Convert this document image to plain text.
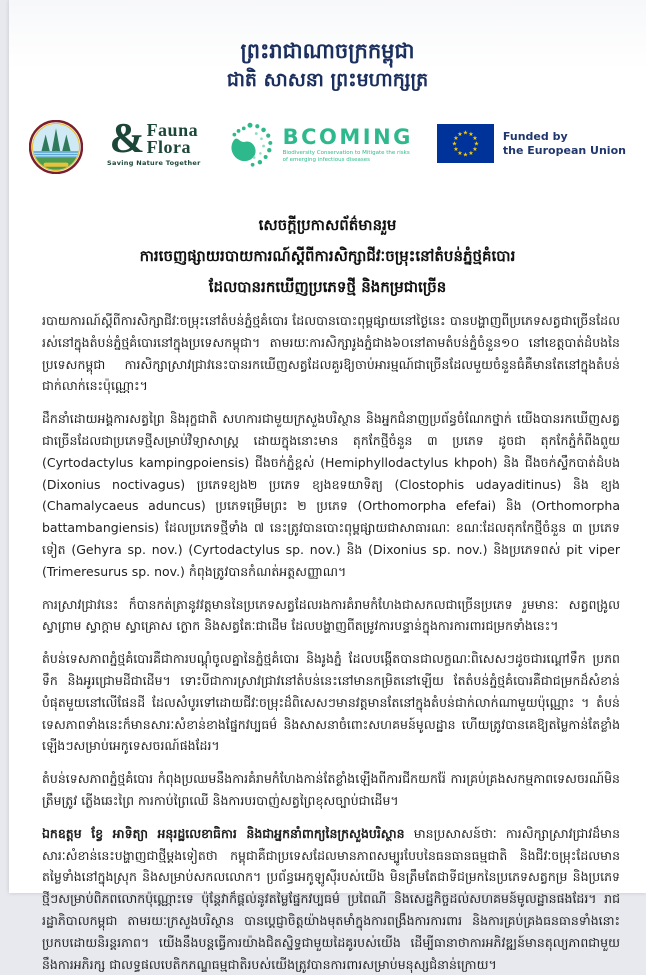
ព្រះរាជាណាចក្រកម្ពុជា
ជាតិ សាសនា ព្រះមហាក្សត្រ
& Fauna
Flora
Saving Nature Together
BCOMING
Biodiversity Conservation to Mitigate the risks
of emerging infectious diseases
★ ★
★
★
★
★
★
★
★
★
★
★	Funded by
the European Union
សេចក្ដីប្រកាសព័ត៌មានរួម
ការចេញផ្សាយរបាយការណ៍ស្ដីពីការសិក្សាជីវៈចម្រុះនៅតំបន់ភ្នំថ្មគំបោរ
ដែលបានរកឃើញប្រភេទថ្មី និងកម្រជាច្រើន

របាយការណ៍ស្ដីពីការសិក្សាជីវៈចម្រុះនៅតំបន់ភ្នំថ្មគំបោរ ដែលបានបោះពុម្ពផ្សាយនៅថ្ងៃនេះ បានបង្ហាញពីប្រភេទសត្វជាច្រើនដែលរស់នៅក្នុងតំបន់ភ្នំថ្មគំបោរនៅក្នុងប្រទេសកម្ពុជា។ តាមរយៈការសិក្សារូងភ្នំជាង៦០នៅតាមតំបន់ភ្នំចំនួន១០ នៅខេត្តបាត់ដំបងនៃប្រទេសកម្ពុជា ការសិក្សាស្រាវជ្រាវនេះបានរកឃើញសត្វដែលគួរឱ្យចាប់អារម្មណ៍ជាច្រើនដែលមួយចំនួនធំគឺមានតែនៅក្នុងតំបន់ជាក់លាក់នេះប៉ុណ្ណោះ។

ដឹកនាំដោយអង្គការសត្វព្រៃ និងរុក្ខជាតិ សហការជាមួយក្រសួងបរិស្ថាន និងអ្នកជំនាញប្រព័ន្ធចំណែកថ្នាក់ យើងបានរកឃើញសត្វជាច្រើនដែលជាប្រភេទថ្មីសម្រាប់វិទ្យាសាស្ត្រ ដោយក្នុងនោះមាន តុកកែថ្មីចំនួន ៣ ប្រភេទ ដូចជា តុកកែភ្នំកំពីងពួយ (Cyrtodactylus kampingpoiensis) ជីងចក់ភ្នំខ្ពស់ (Hemiphyllodactylus khpoh) និង ជីងចក់ស្ទឹកបាត់ដំបង (Dixonius noctivagus) ប្រភេទខ្យង២ ប្រភេទ ខ្យងឧទយាទិត្យ (Clostophis udayaditinus) និង ខ្យង (Chamalycaeus aduncus) ប្រភេទម្រើមព្រះ ២ ប្រភេទ (Orthomorpha efefai) និង (Orthomorpha battambangiensis) ដែលប្រភេទថ្មីទាំង ៧ នេះត្រូវបានបោះពុម្ពផ្សាយជាសាធារណៈ ខណៈដែលតុកកែថ្មីចំនួន ៣ ប្រភេទទៀត (Gehyra sp. nov.) (Cyrtodactylus sp. nov.) និង (Dixonius sp. nov.) និងប្រភេទពស់ pit viper (Trimeresurus sp. nov.) កំពុងត្រូវបានកំណត់អត្តសញ្ញាណ។

ការស្រាវជ្រាវនេះ ក៏បានកត់ត្រានូវវត្តមាននៃប្រភេទសត្វដែលរងការគំរាមកំហែងជាសកលជាច្រើនប្រភេទ រួមមានៈ សត្វពង្រូល ស្វាព្រាម ស្វាក្ដាម ស្វាគ្រោស ក្ងោក និងសត្វតែៈជាដើម ដែលបង្ហាញពីតម្រូវការបន្ទាន់ក្នុងការការពារជម្រកទាំងនេះ។

តំបន់ទេសភាពភ្នំថ្មគំបោរគឺជាការបណ្ដុំចូលគ្នានៃភ្នំថ្មគំបោរ និងរូងភ្នំ ដែលបង្កើតបានជាលក្ខណៈពិសេសៗដូចជារណ្ដៅទឹក ប្រភពទឹក និងអូរជ្រោមដីជាដើម។ ទោះបីជាការស្រាវជ្រាវនៅតំបន់នេះនៅមានកម្រិតនៅឡើយ តែតំបន់ភ្នំថ្មគំបោរគឺជាជម្រកដ៏សំខាន់បំផុតមួយនៅលើផែនដី ដែលសំបូរទៅដោយជីវៈចម្រុះដ៏ពិសេសៗមានវត្តមានតែនៅក្នុងតំបន់ជាក់លាក់ណាមួយប៉ុណ្ណោះ ។ តំបន់ទេសភាពទាំងនេះក៏មានសារៈសំខាន់ខាងផ្នែកវប្បធម៌ និងសាសនាចំពោះសហគមន៍មូលដ្ឋាន ហើយត្រូវបានគេឱ្យតម្លៃកាន់តែខ្លាំងឡើងៗសម្រាប់អេកូទេសចរណ៍ផងដែរ។

តំបន់ទេសភាពភ្នំថ្មគំបោរ កំពុងប្រឈមនឹងការគំរាមកំហែងកាន់តែខ្លាំងឡើងពីការជីកយករ៉ែ ការគ្រប់គ្រងសកម្មភាពទេសចរណ៍មិនត្រឹមត្រូវ ភ្លើងឆេះព្រៃ ការកាប់ព្រៃឈើ និងការបរបាញ់សត្វព្រៃខុសច្បាប់ជាដើម។

ឯកឧត្តម ខ្វែ អាទិត្យា អនុរដ្ឋលេខាធិការ និងជាអ្នកនាំពាក្យនៃក្រសួងបរិស្ថាន មានប្រសាសន៍ថាៈ ការសិក្សាស្រាវជ្រាវដ៏មានសារៈសំខាន់នេះបង្ហាញជាថ្មីម្ដងទៀតថា កម្ពុជាគឺជាប្រទេសដែលមានភាពសម្បូរបែបនៃធនធានធម្មជាតិ និងជីវៈចម្រុះដែលមានតម្លៃទាំងនៅក្នុងស្រុក និងសម្រាប់សកលលោក។ ប្រព័ន្ធអេកូឡូស៊ីរបស់យើង មិនត្រឹមតែជាទីជម្រកនៃប្រភេទសត្វកម្រ និងប្រភេទថ្មីៗសម្រាប់ពិភពលោកប៉ុណ្ណោះទេ ប៉ុន្តែវាក៏ផ្ដល់នូវតម្លៃផ្នែកវប្បធម៌ ប្រពៃណី និងសេដ្ឋកិច្ចដល់សហគមន៍មូលដ្ឋានផងដែរ។ រាជរដ្ឋាភិបាលកម្ពុជា តាមរយៈក្រសួងបរិស្ថាន បានប្ដេជ្ញាចិត្តយ៉ាងមុតមាំក្នុងការពង្រឹងការការពារ និងការគ្រប់គ្រងធនធានទាំងនោះប្រកបដោយនិរន្តរភាព។ យើងនឹងបន្តធ្វើការយ៉ាងជិតស្និទ្ធជាមួយដៃគូរបស់យើង ដើម្បីធានាថាការអភិវឌ្ឍន៍មានតុល្យភាពជាមួយនឹងការអភិរក្ស ជាលទ្ធផលបេតិកភណ្ឌធម្មជាតិរបស់យើងត្រូវបានការពារសម្រាប់មនុស្សជំនាន់ក្រោយ។
